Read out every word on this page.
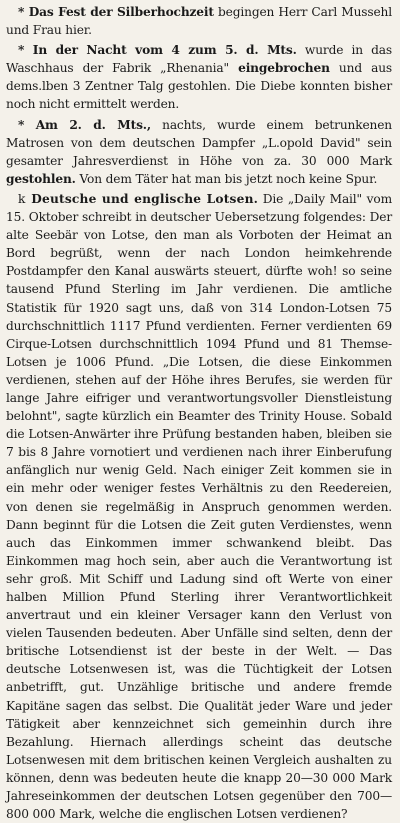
* Das Fest der Silberhochzeit begingen Herr Carl Mussehl und Frau hier.

* In der Nacht vom 4 zum 5. d. Mts. wurde in das Waschhaus der Fabrik „Rhenania" eingebrochen und aus dems.lben 3 Zentner Talg gestohlen. Die Diebe konnten bisher noch nicht ermittelt werden.

* Am 2. d. Mts., nachts, wurde einem betrunkenen Matrosen von dem deutschen Dampfer „L.opold David" sein gesamter Jahresverdienst in Höhe von za. 30 000 Mark gestohlen. Von dem Täter hat man bis jetzt noch keine Spur.

k Deutsche und englische Lotsen. Die „Daily Mail" vom 15. Oktober schreibt in deutscher Uebersetzung folgendes: Der alte Seebär von Lotse, den man als Vorboten der Heimat an Bord begrüßt, wenn der nach London heimkehrende Postdampfer den Kanal auswärts steuert, dürfte woh! so seine tausend Pfund Sterling im Jahr verdienen. Die amtliche Statistik für 1920 sagt uns, daß von 314 London-Lotsen 75 durchschnittlich 1117 Pfund verdienten. Ferner verdienten 69 Cirque-Lotsen durchschnittlich 1094 Pfund und 81 Themse-Lotsen je 1006 Pfund. „Die Lotsen, die diese Einkommen verdienen, stehen auf der Höhe ihres Berufes, sie werden für lange Jahre eifriger und verantwortungsvoller Dienstleistung belohnt", sagte kürzlich ein Beamter des Trinity House. Sobald die Lotsen-Anwärter ihre Prüfung bestanden haben, bleiben sie 7 bis 8 Jahre vornotiert und verdienen nach ihrer Einberufung anfänglich nur wenig Geld. Nach einiger Zeit kommen sie in ein mehr oder weniger festes Verhältnis zu den Reedereien, von denen sie regelmäßig in Anspruch genommen werden. Dann beginnt für die Lotsen die Zeit guten Verdienstes, wenn auch das Einkommen immer schwankend bleibt. Das Einkommen mag hoch sein, aber auch die Verantwortung ist sehr groß. Mit Schiff und Ladung sind oft Werte von einer halben Million Pfund Sterling ihrer Verantwortlichkeit anvertraut und ein kleiner Versager kann den Verlust von vielen Tausenden bedeuten. Aber Unfälle sind selten, denn der britische Lotsendienst ist der beste in der Welt. — Das deutsche Lotsenwesen ist, was die Tüchtigkeit der Lotsen anbetrifft, gut. Unzählige britische und andere fremde Kapitäne sagen das selbst. Die Qualität jeder Ware und jeder Tätigkeit aber kennzeichnet sich gemeinhin durch ihre Bezahlung. Hiernach allerdings scheint das deutsche Lotsenwesen mit dem britischen keinen Vergleich aushalten zu können, denn was bedeuten heute die knapp 20—30 000 Mark Jahreseinkommen der deutschen Lotsen gegenüber den 700—800 000 Mark, welche die englischen Lotsen verdienen?
